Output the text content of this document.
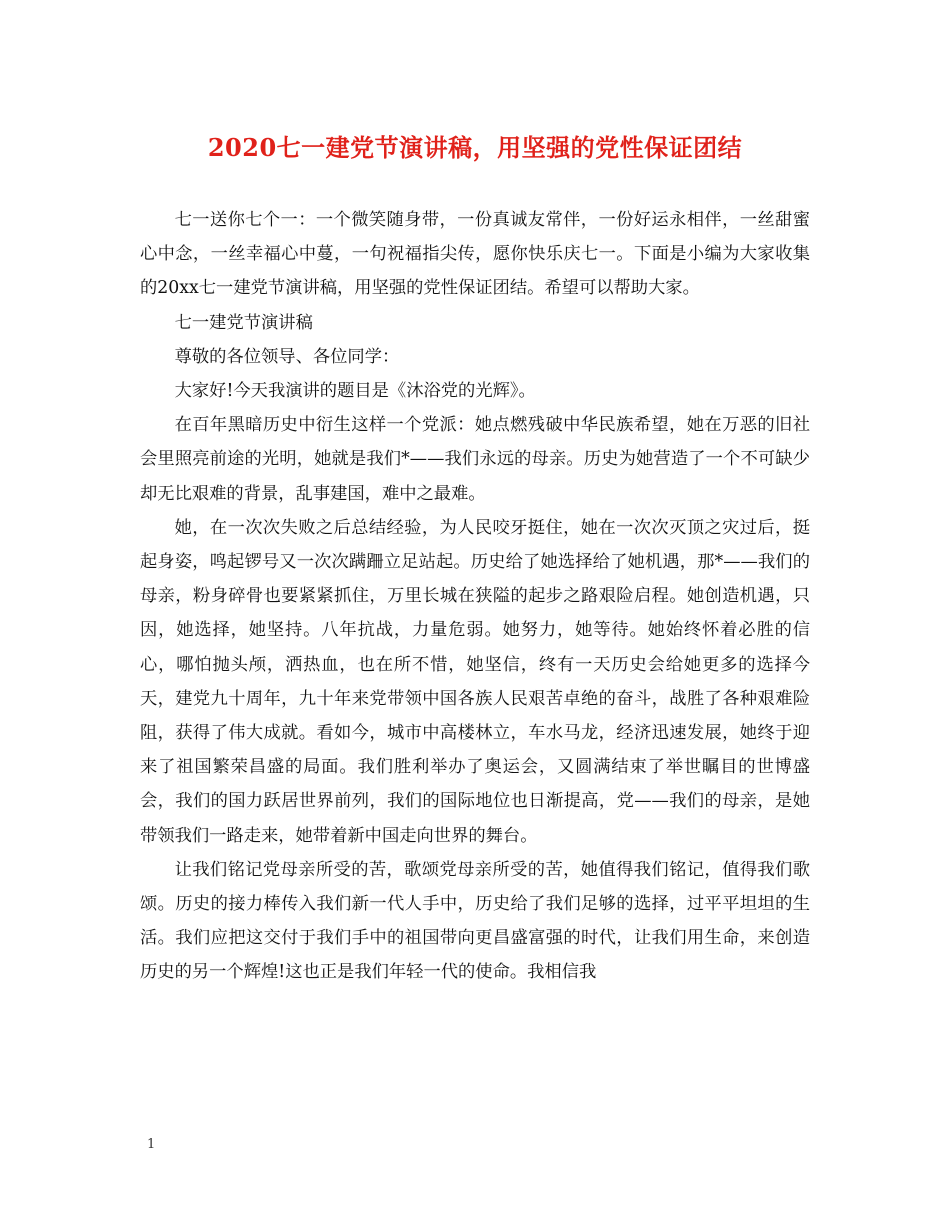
2020七一建党节演讲稿，用坚强的党性保证团结

七一送你七个一：一个微笑随身带，一份真诚友常伴，一份好运永相伴，一丝甜蜜心中念，一丝幸福心中蔓，一句祝福指尖传，愿你快乐庆七一。下面是小编为大家收集的20xx七一建党节演讲稿，用坚强的党性保证团结。希望可以帮助大家。

七一建党节演讲稿

尊敬的各位领导、各位同学：

大家好!今天我演讲的题目是《沐浴党的光辉》。

在百年黑暗历史中衍生这样一个党派：她点燃残破中华民族希望，她在万恶的旧社会里照亮前途的光明，她就是我们*——我们永远的母亲。历史为她营造了一个不可缺少却无比艰难的背景，乱事建国，难中之最难。

她，在一次次失败之后总结经验，为人民咬牙挺住，她在一次次灭顶之灾过后，挺起身姿，鸣起锣号又一次次蹒跚立足站起。历史给了她选择给了她机遇，那*——我们的母亲，粉身碎骨也要紧紧抓住，万里长城在狭隘的起步之路艰险启程。她创造机遇，只因，她选择，她坚持。八年抗战，力量危弱。她努力，她等待。她始终怀着必胜的信心，哪怕抛头颅，洒热血，也在所不惜，她坚信，终有一天历史会给她更多的选择今天，建党九十周年，九十年来党带领中国各族人民艰苦卓绝的奋斗，战胜了各种艰难险阻，获得了伟大成就。看如今，城市中高楼林立，车水马龙，经济迅速发展，她终于迎来了祖国繁荣昌盛的局面。我们胜利举办了奥运会，又圆满结束了举世瞩目的世博盛会，我们的国力跃居世界前列，我们的国际地位也日渐提高，党——我们的母亲，是她带领我们一路走来，她带着新中国走向世界的舞台。

让我们铭记党母亲所受的苦，歌颂党母亲所受的苦，她值得我们铭记，值得我们歌颂。历史的接力棒传入我们新一代人手中，历史给了我们足够的选择，过平平坦坦的生活。我们应把这交付于我们手中的祖国带向更昌盛富强的时代，让我们用生命，来创造历史的另一个辉煌!这也正是我们年轻一代的使命。我相信我

1
